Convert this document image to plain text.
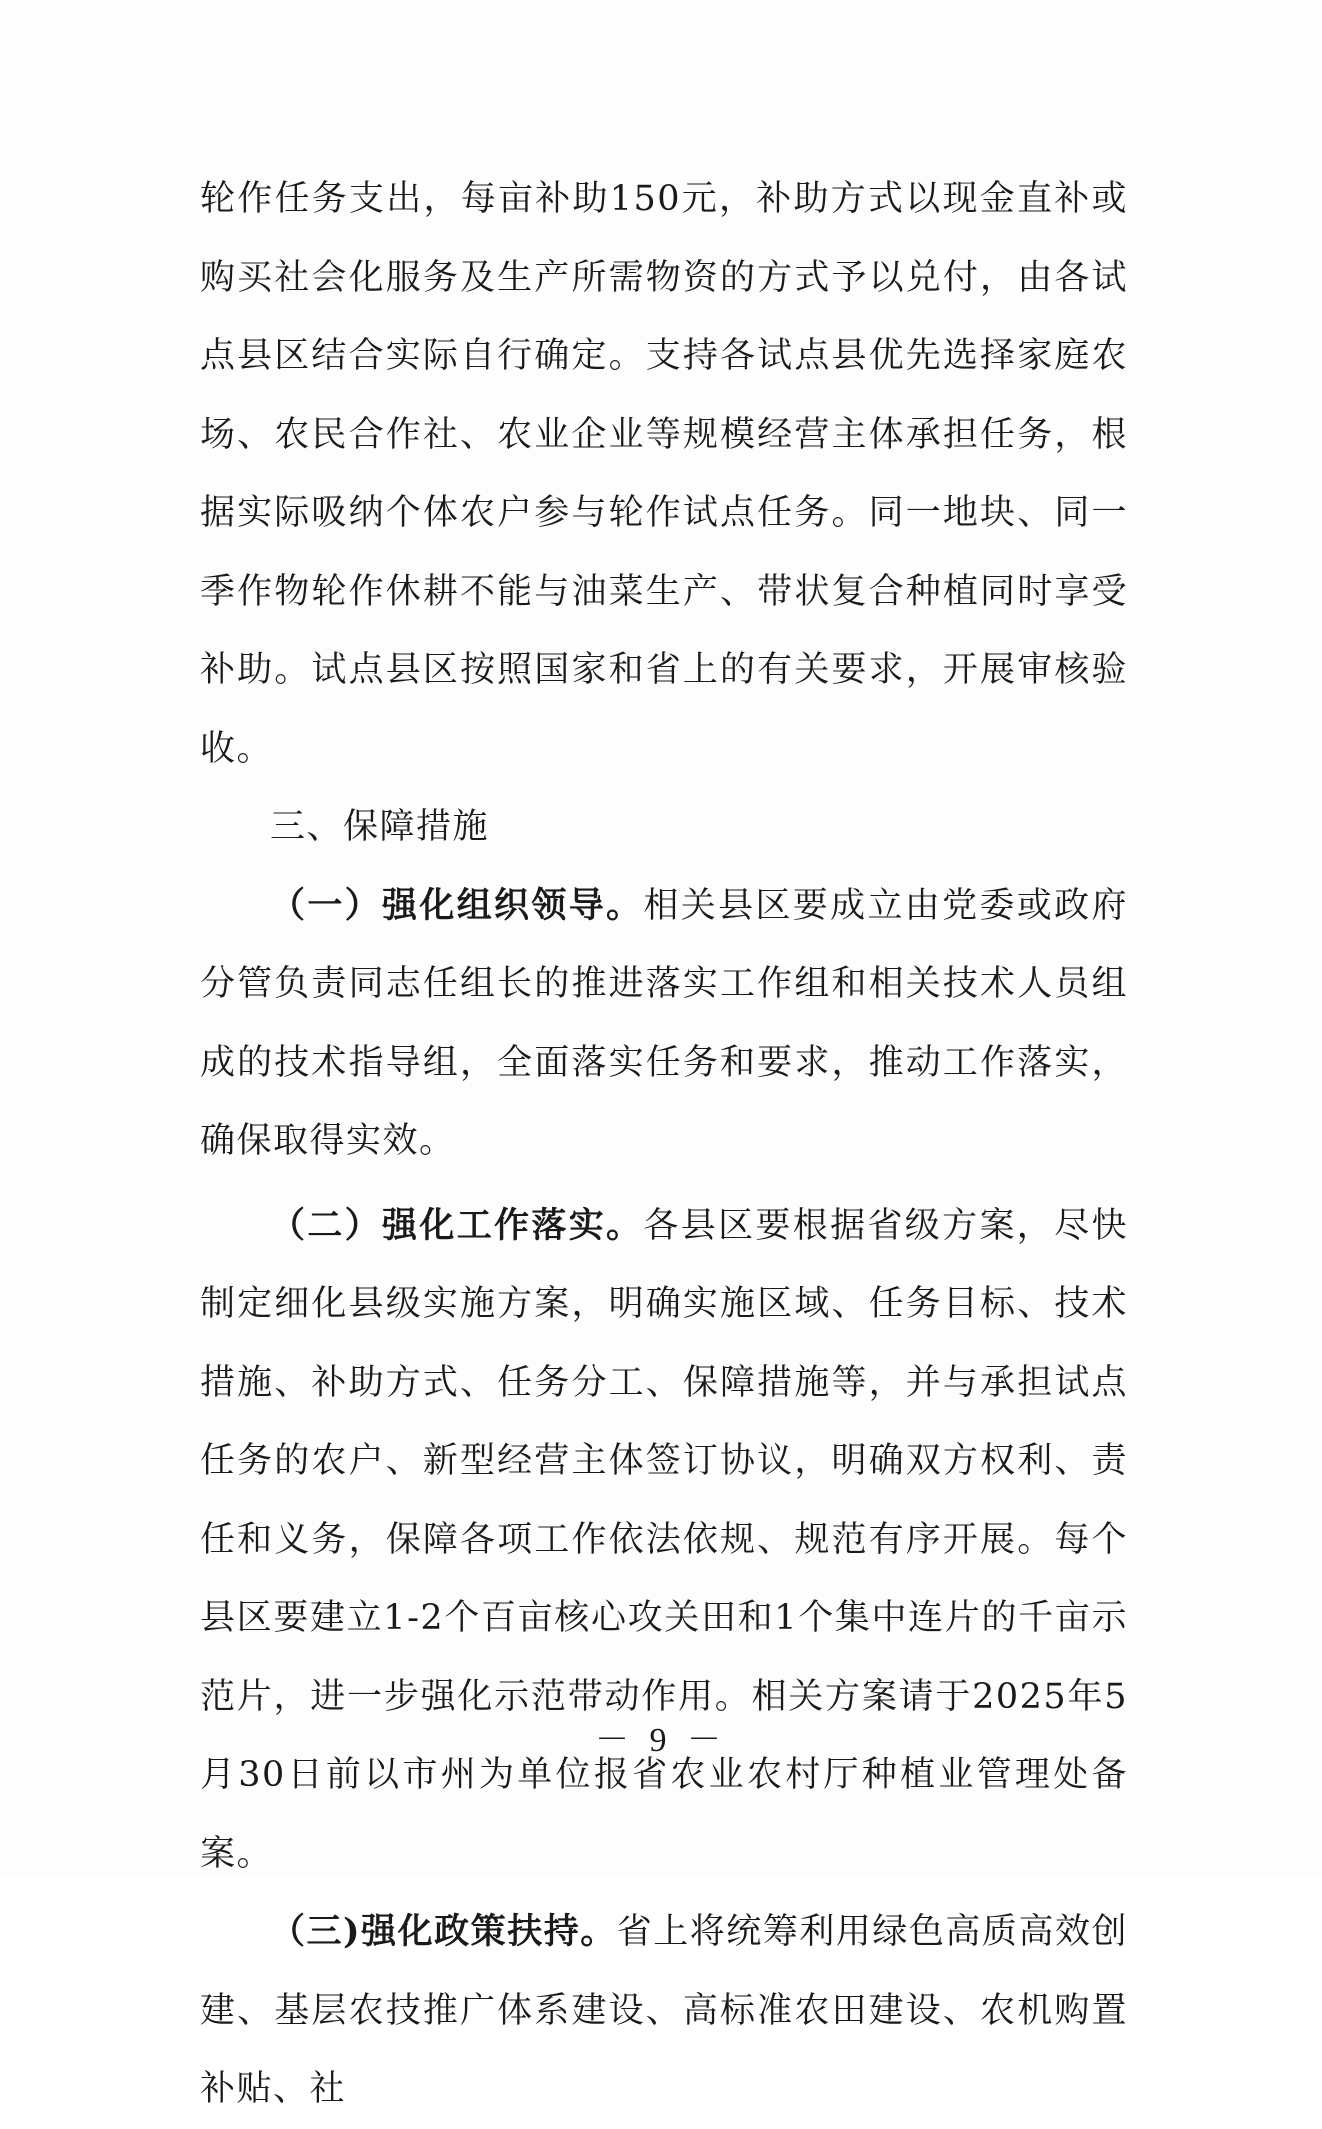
轮作任务支出，每亩补助150元，补助方式以现金直补或购买社会化服务及生产所需物资的方式予以兑付，由各试点县区结合实际自行确定。支持各试点县优先选择家庭农场、农民合作社、农业企业等规模经营主体承担任务，根据实际吸纳个体农户参与轮作试点任务。同一地块、同一季作物轮作休耕不能与油菜生产、带状复合种植同时享受补助。试点县区按照国家和省上的有关要求，开展审核验收。

三、保障措施

（一）强化组织领导。相关县区要成立由党委或政府分管负责同志任组长的推进落实工作组和相关技术人员组成的技术指导组，全面落实任务和要求，推动工作落实，确保取得实效。

（二）强化工作落实。各县区要根据省级方案，尽快制定细化县级实施方案，明确实施区域、任务目标、技术措施、补助方式、任务分工、保障措施等，并与承担试点任务的农户、新型经营主体签订协议，明确双方权利、责任和义务，保障各项工作依法依规、规范有序开展。每个县区要建立1-2个百亩核心攻关田和1个集中连片的千亩示范片，进一步强化示范带动作用。相关方案请于2025年5月30日前以市州为单位报省农业农村厅种植业管理处备案。

（三)强化政策扶持。省上将统筹利用绿色高质高效创建、基层农技推广体系建设、高标准农田建设、农机购置补贴、社

－ 9 －
